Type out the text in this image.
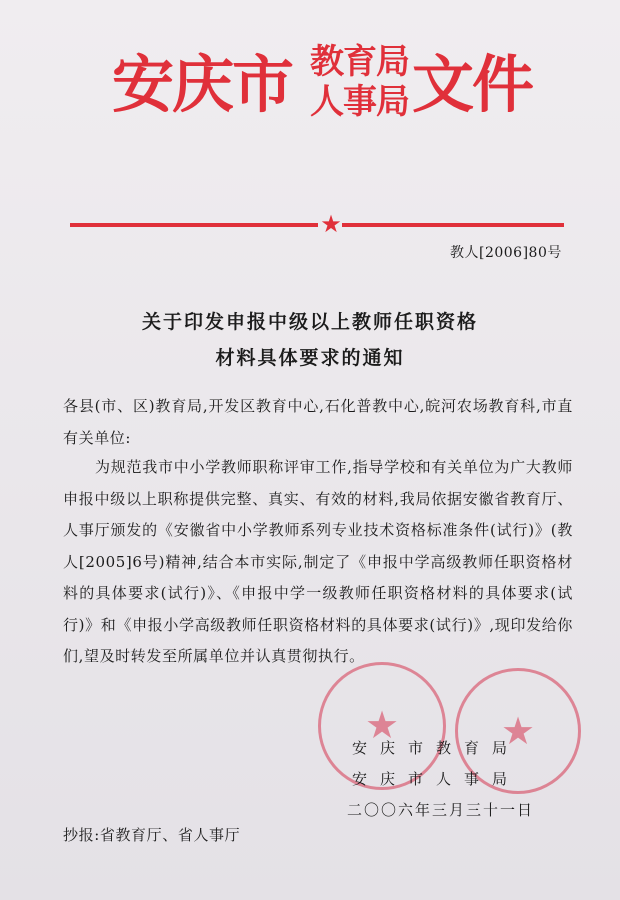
安庆市 教育局
人事局 文件
★
教人[2006]80号
关于印发申报中级以上教师任职资格
材料具体要求的通知
各县(市、区)教育局,开发区教育中心,石化普教中心,皖河农场教育科,市直有关单位:
为规范我市中小学教师职称评审工作,指导学校和有关单位为广大教师申报中级以上职称提供完整、真实、有效的材料,我局依据安徽省教育厅、人事厅颁发的《安徽省中小学教师系列专业技术资格标准条件(试行)》(教人[2005]6号)精神,结合本市实际,制定了《申报中学高级教师任职资格材料的具体要求(试行)》、《申报中学一级教师任职资格材料的具体要求(试行)》和《申报小学高级教师任职资格材料的具体要求(试行)》,现印发给你们,望及时转发至所属单位并认真贯彻执行。
★	★
安庆市教育局
安庆市人事局
二〇〇六年三月三十一日
抄报:省教育厅、省人事厅
